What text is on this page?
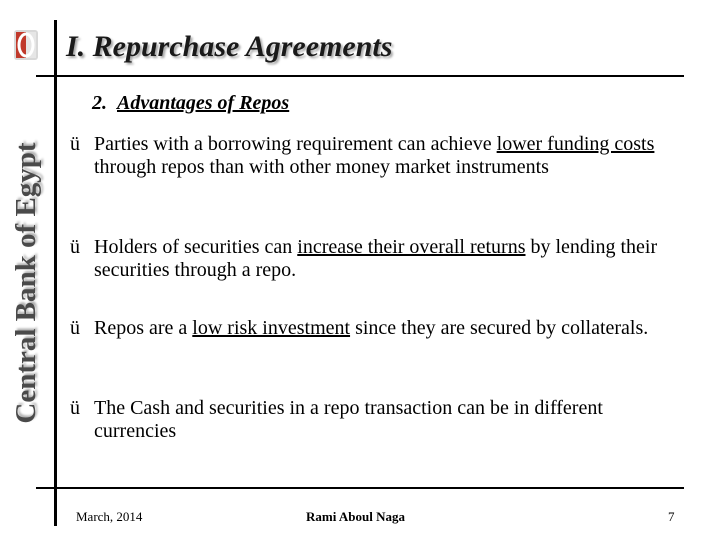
Central Bank of Egypt
I. Repurchase Agreements
2. Advantages of Repos
ü Parties with a borrowing requirement can achieve lower funding costs through repos than with other money market instruments
ü Holders of securities can increase their overall returns by lending their securities through a repo.
ü Repos are a low risk investment since they are secured by collaterals.
ü The Cash and securities in a repo transaction can be in different currencies
March, 2014	Rami Aboul Naga	7
